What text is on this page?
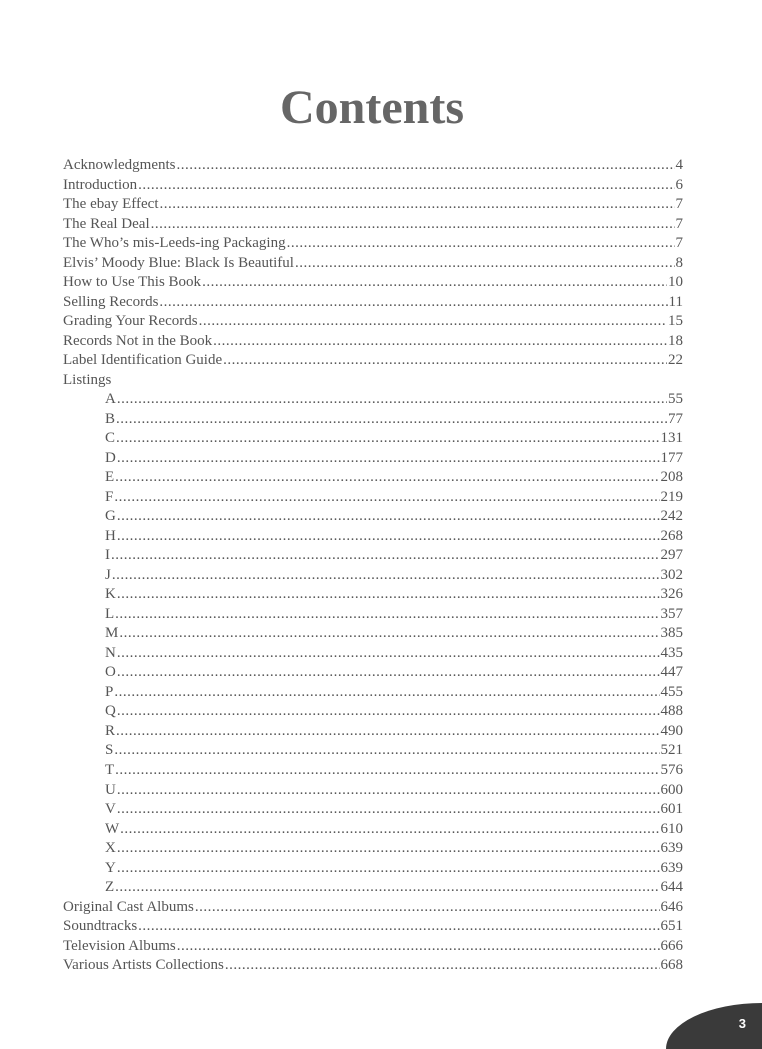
Contents
Acknowledgments .....	4
Introduction .....	6
The ebay Effect .....	7
The Real Deal .....	7
The Who’s mis-Leeds-ing Packaging .....	7
Elvis’ Moody Blue: Black Is Beautiful .....	8
How to Use This Book .....	10
Selling Records .....	11
Grading Your Records .....	15
Records Not in the Book .....	18
Label Identification Guide .....	22
Listings
A .....	55
B .....	77
C .....	131
D .....	177
E .....	208
F .....	219
G .....	242
H .....	268
I .....	297
J .....	302
K .....	326
L .....	357
M .....	385
N .....	435
O .....	447
P .....	455
Q .....	488
R .....	490
S .....	521
T .....	576
U .....	600
V .....	601
W .....	610
X .....	639
Y .....	639
Z .....	644
Original Cast Albums .....	646
Soundtracks .....	651
Television Albums .....	666
Various Artists Collections .....	668
3
